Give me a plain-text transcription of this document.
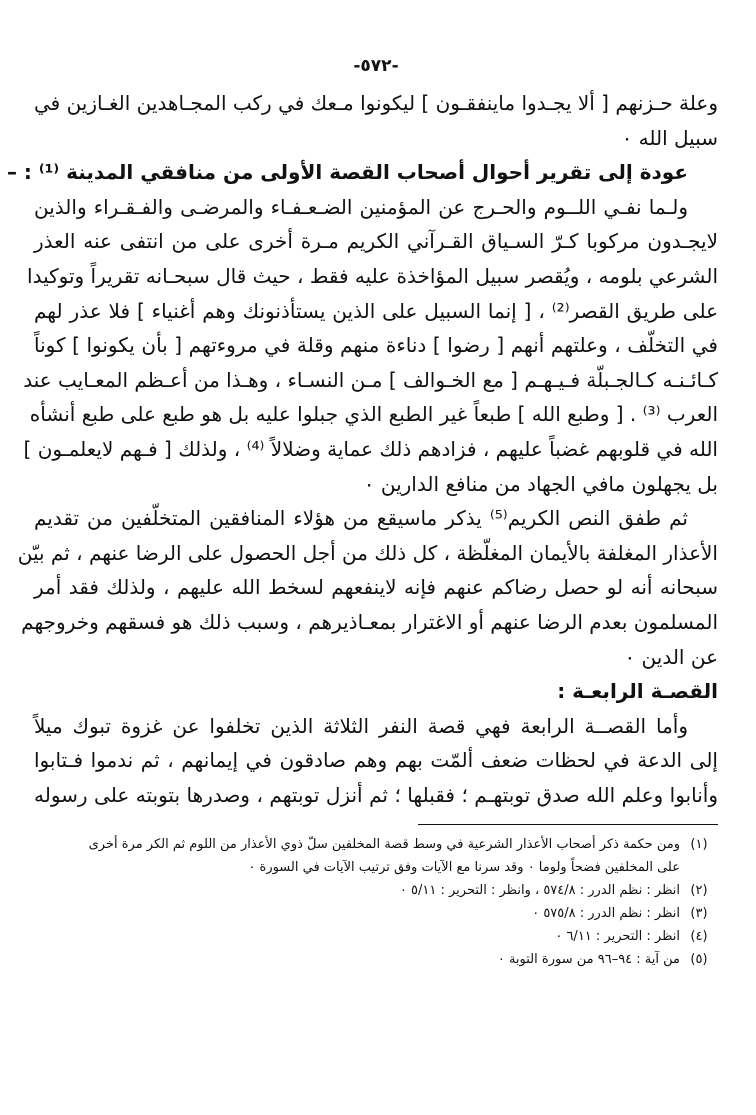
-٥٧٢-
وعلة حـزنهم [ ألا يجـدوا ماينفقـون ] ليكونوا مـعك في ركب المجـاهدين الغـازين في
سبيل الله ٠
عودة إلى تقرير أحوال أصحاب القصة الأولى من منافقي المدينة ⁽¹⁾ : –
ولـما نفـي اللــوم والحـرج عن المؤمنين الضـعـفـاء والمرضـى والفـقـراء والذين
لايجـدون مركوبا كـرّ السـياق القـرآني الكريم مـرة أخرى على من انتفى عنه العذر
الشرعي بلومه ، ويُقصر سبيل المؤاخذة عليه فقط ، حيث قال سبحـانه تقريراً وتوكيدا
على طريق القصر⁽²⁾ ، [ إنما السبيل على الذين يستأذنونك وهم أغنياء ] فلا عذر لهم
في التخلّف ، وعلتهم أنهم [ رضوا ] دناءة منهم وقلة في مروءتهم [ بأن يكونوا ] كوناً
كـائـنـه كـالجـبلّة فـيـهـم [ مع الخـوالف ] مـن النسـاء ، وهـذا من أعـظم المعـايب عند
العرب ⁽³⁾ . [ وطبع الله ] طبعاً غير الطبع الذي جبلوا عليه بل هو طبع على طبع أنشأه
الله في قلوبهم غضباً عليهم ، فزادهم ذلك عماية وضلالاً ⁽⁴⁾ ، ولذلك [ فـهم لايعلمـون ]
بل يجهلون مافي الجهاد من منافع الدارين ٠
ثم طفق النص الكريم⁽⁵⁾ يذكر ماسيقع من هؤلاء المنافقين المتخلّفين من تقديم
الأعذار المغلفة بالأيمان المغلّظة ، كل ذلك من أجل الحصول على الرضا عنهم ، ثم بيّن
سبحانه أنه لو حصل رضاكم عنهم فإنه لاينفعهم لسخط الله عليهم ، ولذلك فقد أمر
المسلمون بعدم الرضا عنهم أو الاغترار بمعـاذيرهم ، وسبب ذلك هو فسقهم وخروجهم
عن الدين ٠
القصـة الرابعـة :
وأما القصــة الرابعة فهي قصة النفر الثلاثة الذين تخلفوا عن غزوة تبوك ميلاً
إلى الدعة في لحظات ضعف ألمّت بهم وهم صادقون في إيمانهم ، ثم ندموا فـتابوا
وأنابوا وعلم الله صدق توبتهـم ؛ فقبلها ؛ ثم أنزل توبتهم ، وصدرها بتوبته على رسوله
(١)
ومن حكمة ذكر أصحاب الأعذار الشرعية في وسط قصة المخلفين سلّ ذوي الأعذار من اللوم ثم الكر مرة أخرى
على المخلفين فضحاً ولوما ٠ وقد سرنا مع الآيات وفق ترتيب الآيات في السورة ٠
(٢)
انظر : نظم الدرر : ٥٧٤/٨ ، وانظر : التحرير : ٥/١١ ٠
(٣)
انظر : نظم الدرر : ٥٧٥/٨ ٠
(٤)
انظر : التحرير : ٦/١١ ٠
(٥)
من آية : ٩٤–٩٦ من سورة التوبة ٠
